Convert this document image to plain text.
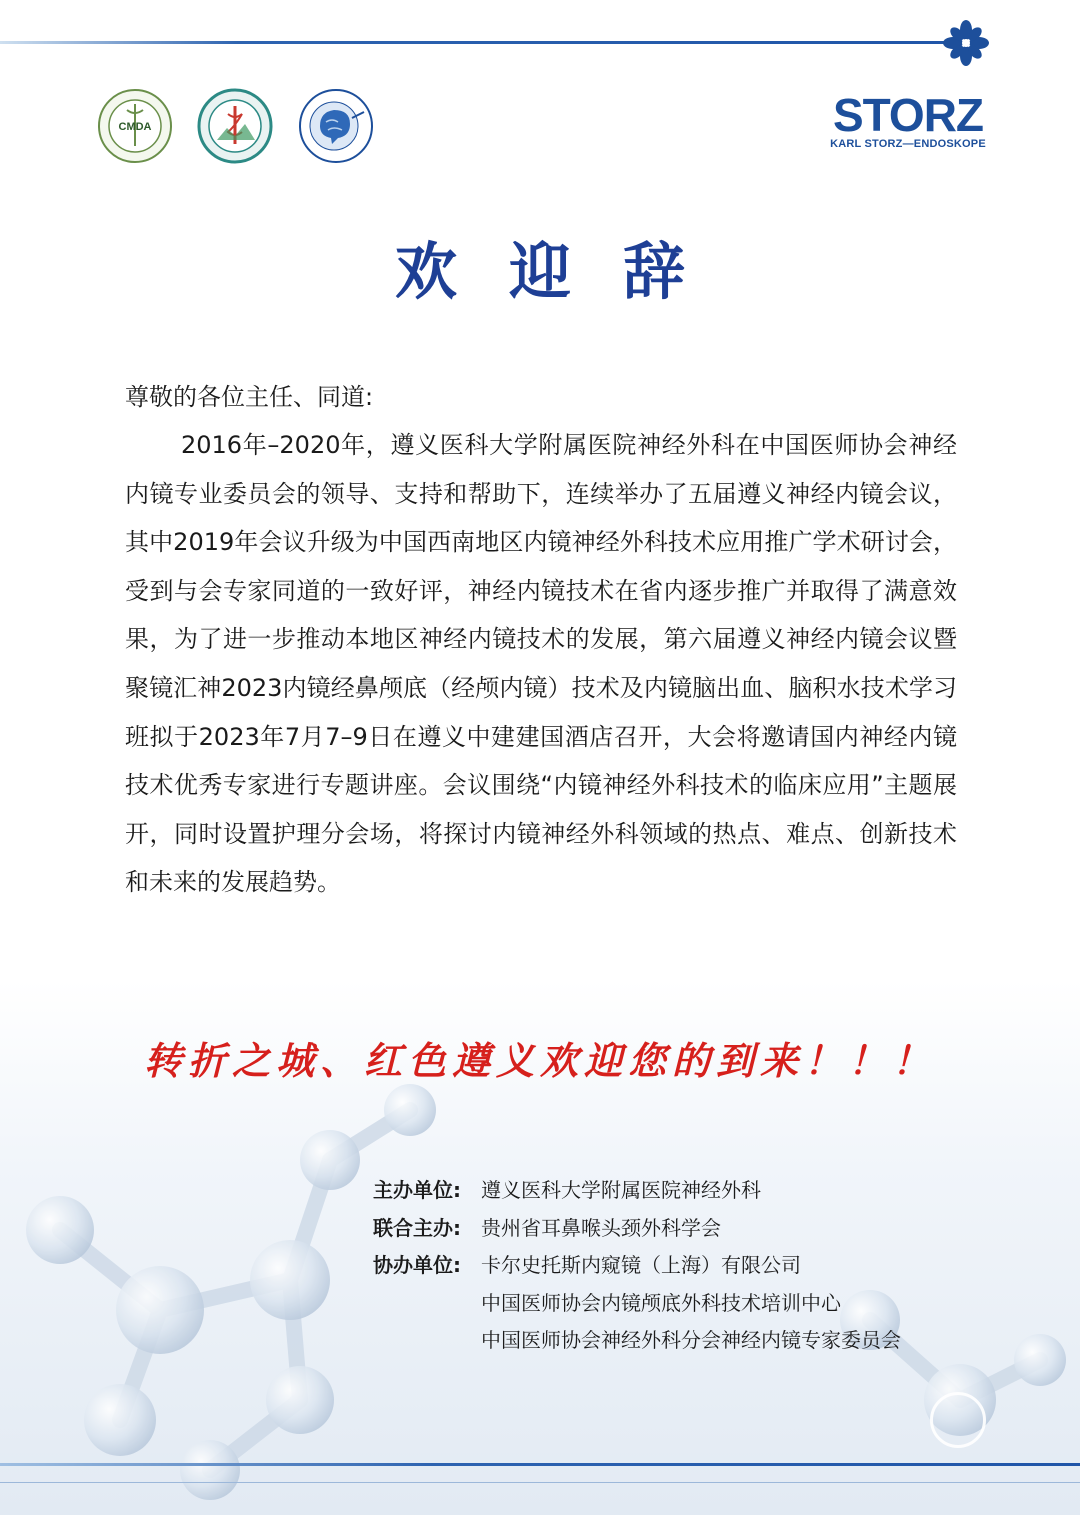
CMDA	STORZ
KARL STORZ—ENDOSKOPE
欢迎辞
尊敬的各位主任、同道:
2016年–2020年，遵义医科大学附属医院神经外科在中国医师协会神经内镜专业委员会的领导、支持和帮助下，连续举办了五届遵义神经内镜会议，其中2019年会议升级为中国西南地区内镜神经外科技术应用推广学术研讨会，受到与会专家同道的一致好评，神经内镜技术在省内逐步推广并取得了满意效果，为了进一步推动本地区神经内镜技术的发展，第六届遵义神经内镜会议暨聚镜汇神2023内镜经鼻颅底（经颅内镜）技术及内镜脑出血、脑积水技术学习班拟于2023年7月7–9日在遵义中建建国酒店召开，大会将邀请国内神经内镜技术优秀专家进行专题讲座。会议围绕“内镜神经外科技术的临床应用”主题展开，同时设置护理分会场，将探讨内镜神经外科领域的热点、难点、创新技术和未来的发展趋势。
转折之城、红色遵义欢迎您的到来！！！
主办单位:	遵义医科大学附属医院神经外科
联合主办:	贵州省耳鼻喉头颈外科学会
协办单位:	卡尔史托斯内窥镜（上海）有限公司
中国医师协会内镜颅底外科技术培训中心
中国医师协会神经外科分会神经内镜专家委员会
